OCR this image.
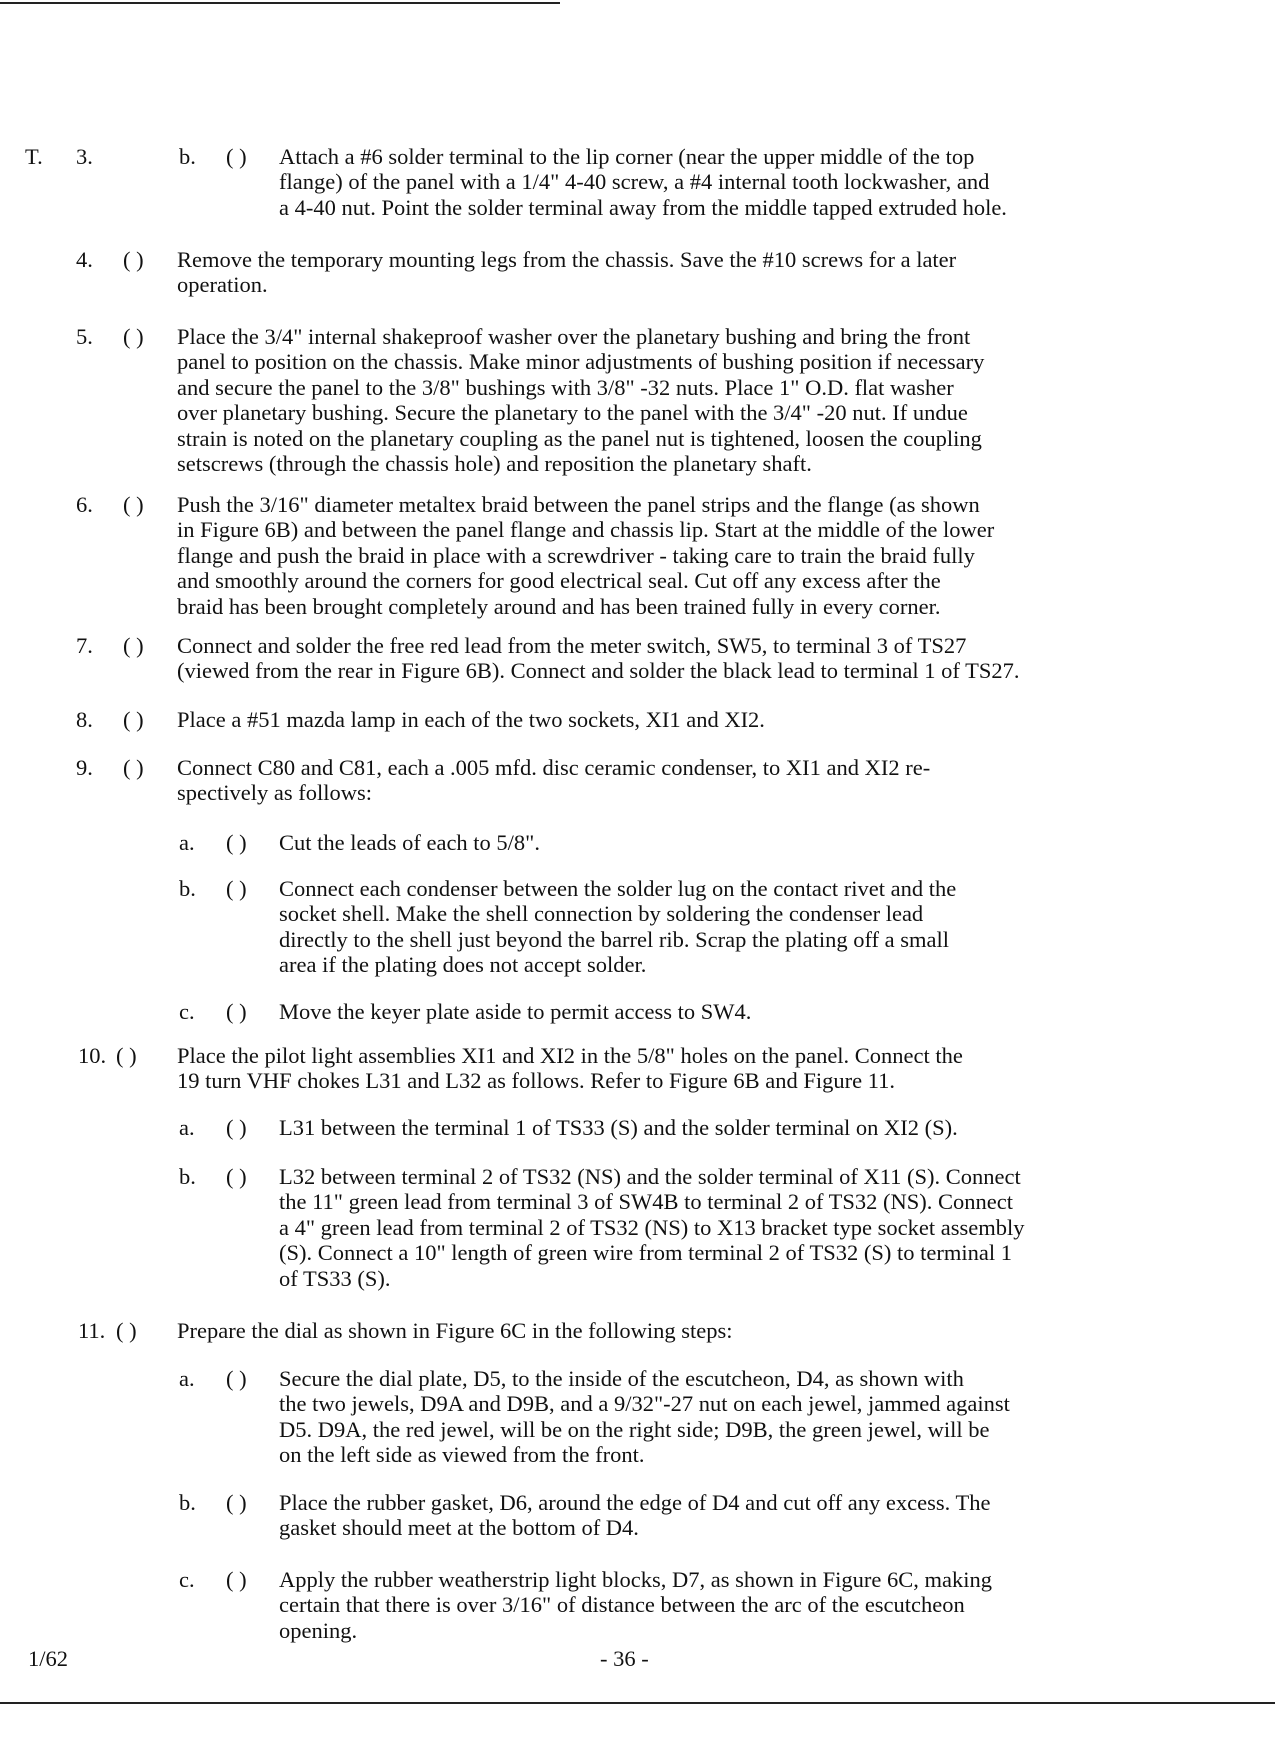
T. 3.	b. ( ) Attach a #6 solder terminal to the lip corner (near the upper middle of the top
flange) of the panel with a 1/4" 4-40 screw, a #4 internal tooth lockwasher, and
a 4-40 nut. Point the solder terminal away from the middle tapped extruded hole.
4. ( ) Remove the temporary mounting legs from the chassis. Save the #10 screws for a later
operation.
5. ( ) Place the 3/4" internal shakeproof washer over the planetary bushing and bring the front
panel to position on the chassis. Make minor adjustments of bushing position if necessary
and secure the panel to the 3/8" bushings with 3/8" -32 nuts. Place 1" O.D. flat washer
over planetary bushing. Secure the planetary to the panel with the 3/4" -20 nut. If undue
strain is noted on the planetary coupling as the panel nut is tightened, loosen the coupling
setscrews (through the chassis hole) and reposition the planetary shaft.
6. ( ) Push the 3/16" diameter metaltex braid between the panel strips and the flange (as shown
in Figure 6B) and between the panel flange and chassis lip. Start at the middle of the lower
flange and push the braid in place with a screwdriver - taking care to train the braid fully
and smoothly around the corners for good electrical seal. Cut off any excess after the
braid has been brought completely around and has been trained fully in every corner.
7. ( ) Connect and solder the free red lead from the meter switch, SW5, to terminal 3 of TS27
(viewed from the rear in Figure 6B). Connect and solder the black lead to terminal 1 of TS27.
8. ( ) Place a #51 mazda lamp in each of the two sockets, XI1 and XI2.
9. ( ) Connect C80 and C81, each a .005 mfd. disc ceramic condenser, to XI1 and XI2 re-
spectively as follows:
a. ( ) Cut the leads of each to 5/8".
b. ( ) Connect each condenser between the solder lug on the contact rivet and the
socket shell. Make the shell connection by soldering the condenser lead
directly to the shell just beyond the barrel rib. Scrap the plating off a small
area if the plating does not accept solder.
c. ( ) Move the keyer plate aside to permit access to SW4.
10. ( ) Place the pilot light assemblies XI1 and XI2 in the 5/8" holes on the panel. Connect the
19 turn VHF chokes L31 and L32 as follows. Refer to Figure 6B and Figure 11.
a. ( ) L31 between the terminal 1 of TS33 (S) and the solder terminal on XI2 (S).
b. ( ) L32 between terminal 2 of TS32 (NS) and the solder terminal of X11 (S). Connect
the 11" green lead from terminal 3 of SW4B to terminal 2 of TS32 (NS). Connect
a 4" green lead from terminal 2 of TS32 (NS) to X13 bracket type socket assembly
(S). Connect a 10" length of green wire from terminal 2 of TS32 (S) to terminal 1
of TS33 (S).
11. ( ) Prepare the dial as shown in Figure 6C in the following steps:
a. ( ) Secure the dial plate, D5, to the inside of the escutcheon, D4, as shown with
the two jewels, D9A and D9B, and a 9/32"-27 nut on each jewel, jammed against
D5. D9A, the red jewel, will be on the right side; D9B, the green jewel, will be
on the left side as viewed from the front.
b. ( ) Place the rubber gasket, D6, around the edge of D4 and cut off any excess. The
gasket should meet at the bottom of D4.
c. ( ) Apply the rubber weatherstrip light blocks, D7, as shown in Figure 6C, making
certain that there is over 3/16" of distance between the arc of the escutcheon
opening.
1/62	- 36 -
